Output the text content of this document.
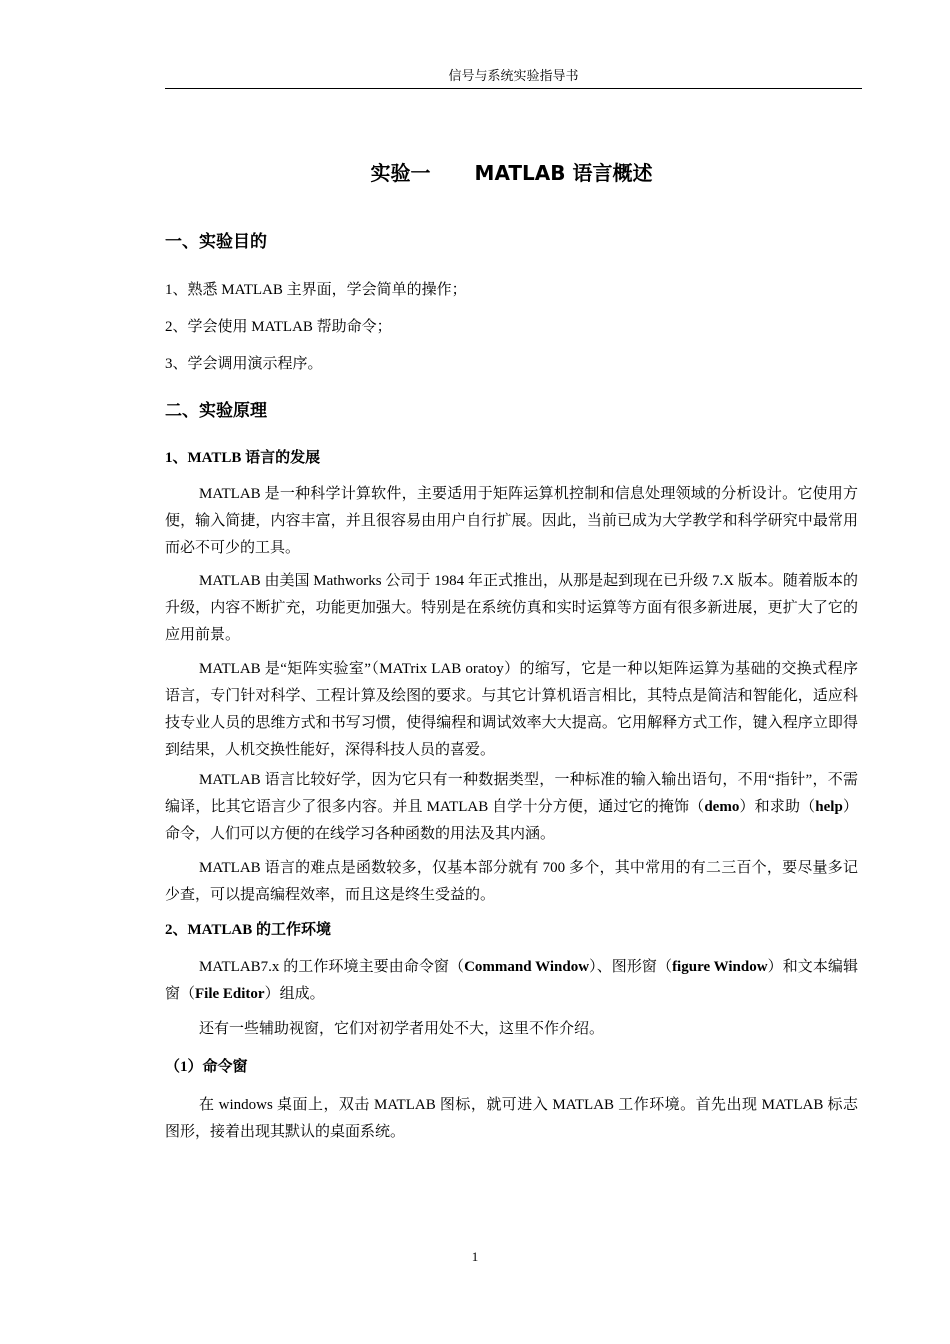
信号与系统实验指导书
实验一 MATLAB 语言概述
一、实验目的
1、熟悉 MATLAB 主界面，学会简单的操作；
2、学会使用 MATLAB 帮助命令；
3、学会调用演示程序。
二、实验原理
1、MATLB 语言的发展
MATLAB 是一种科学计算软件，主要适用于矩阵运算机控制和信息处理领域的分析设计。它使用方便，输入简捷，内容丰富，并且很容易由用户自行扩展。因此，当前已成为大学教学和科学研究中最常用而必不可少的工具。
MATLAB 由美国 Mathworks 公司于 1984 年正式推出，从那是起到现在已升级 7.X 版本。随着版本的升级，内容不断扩充，功能更加强大。特别是在系统仿真和实时运算等方面有很多新进展，更扩大了它的应用前景。
MATLAB 是“矩阵实验室”（MATrix LAB oratoy）的缩写，它是一种以矩阵运算为基础的交换式程序语言，专门针对科学、工程计算及绘图的要求。与其它计算机语言相比，其特点是简洁和智能化，适应科技专业人员的思维方式和书写习惯，使得编程和调试效率大大提高。它用解释方式工作，键入程序立即得到结果，人机交换性能好，深得科技人员的喜爱。
MATLAB 语言比较好学，因为它只有一种数据类型，一种标准的输入输出语句，不用“指针”，不需编译，比其它语言少了很多内容。并且 MATLAB 自学十分方便，通过它的掩饰（demo）和求助（help）命令，人们可以方便的在线学习各种函数的用法及其内涵。
MATLAB 语言的难点是函数较多，仅基本部分就有 700 多个，其中常用的有二三百个，要尽量多记少查，可以提高编程效率，而且这是终生受益的。
2、MATLAB 的工作环境
MATLAB7.x 的工作环境主要由命令窗（Command Window）、图形窗（figure Window）和文本编辑窗（File Editor）组成。
还有一些辅助视窗，它们对初学者用处不大，这里不作介绍。
（1）命令窗
在 windows 桌面上，双击 MATLAB 图标，就可进入 MATLAB 工作环境。首先出现 MATLAB 标志图形，接着出现其默认的桌面系统。
1
